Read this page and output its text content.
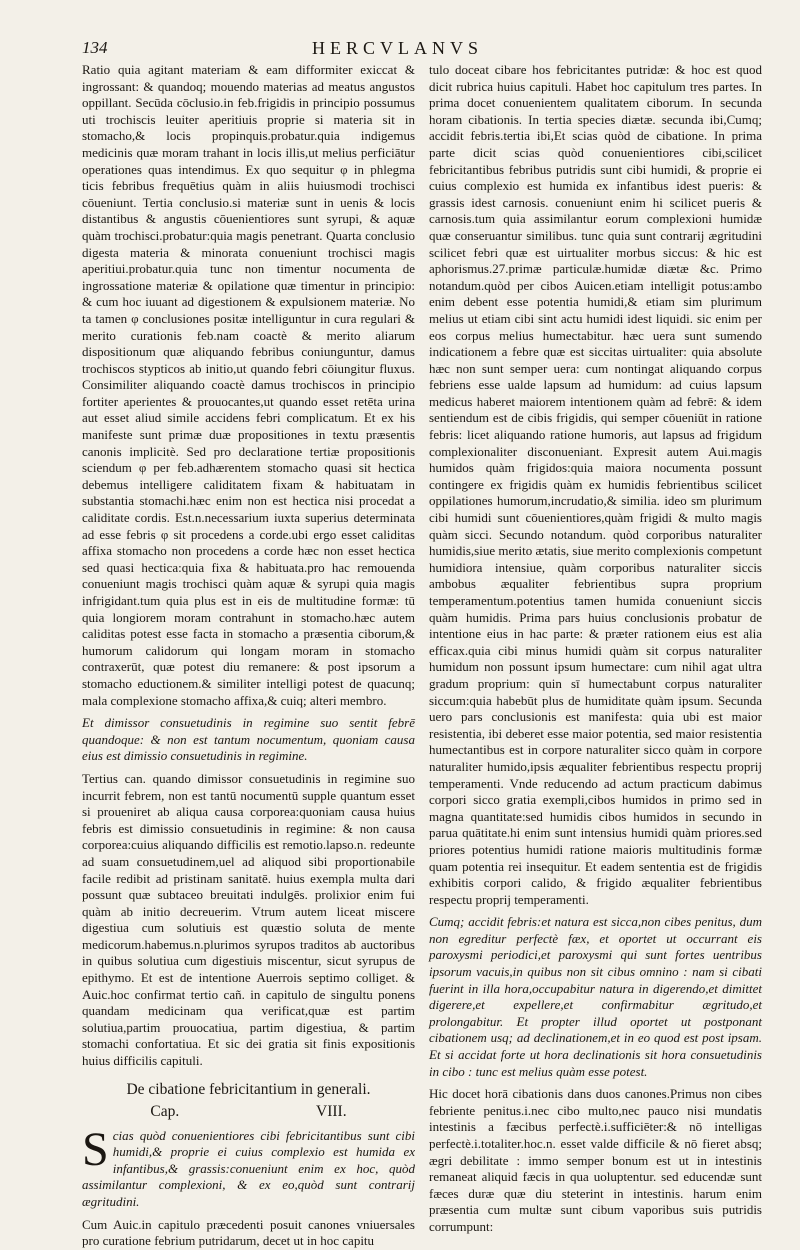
134	HERCVLANVS

Ratio quia agitant materiam & eam difformiter exiccat & ingrossant: & quandoq; mouendo materias ad meatus angustos oppillant. Secūda cōclusio.in feb.frigidis in principio possumus uti trochiscis leuiter aperitiuis proprie si materia sit in stomacho,& locis propinquis.probatur.quia indigemus medicinis quæ moram trahant in locis illis,ut melius perficiātur operationes quas intendimus. Ex quo sequitur φ in phlegma ticis febribus frequētius quàm in aliis huiusmodi trochisci cōueniunt. Tertia conclusio.si materiæ sunt in uenis & locis distantibus & angustis cōuenientiores sunt syrupi, & aquæ quàm trochisci.probatur:quia magis penetrant. Quarta conclusio digesta materia & minorata conueniunt trochisci magis aperitiui.probatur.quia tunc non timentur nocumenta de ingrossatione materiæ & opilatione quæ timentur in principio: & cum hoc iuuant ad digestionem & expulsionem materiæ. No ta tamen φ conclusiones positæ intelliguntur in cura regulari & merito curationis feb.nam coactè & merito aliarum dispositionum quæ aliquando febribus coniunguntur, damus trochiscos stypticos ab initio,ut quando febri cōiungitur fluxus. Consimiliter aliquando coactè damus trochiscos in principio fortiter aperientes & prouocantes,ut quando esset retēta urina aut esset aliud simile accidens febri complicatum. Et ex his manifeste sunt primæ duæ propositiones in textu præsentis canonis implicitè. Sed pro declaratione tertiæ propositionis sciendum φ per feb.adhærentem stomacho quasi sit hectica debemus intelligere caliditatem fixam & habituatam in substantia stomachi.hæc enim non est hectica nisi procedat a caliditate cordis. Est.n.necessarium iuxta superius determinata ad esse febris φ sit procedens a corde.ubi ergo esset caliditas affixa stomacho non procedens a corde hæc non esset hectica sed quasi hectica:quia fixa & habituata.pro hac remouenda conueniunt magis trochisci quàm aquæ & syrupi quia magis infrigidant.tum quia plus est in eis de multitudine formæ: tū quia longiorem moram contrahunt in stomacho.hæc autem caliditas potest esse facta in stomacho a præsentia ciborum,& humorum calidorum qui longam moram in stomacho contraxerūt, quæ potest diu remanere: & post ipsorum a stomacho eductionem.& similiter intelligi potest de quacunq; mala complexione stomacho affixa,& cuiq; alteri membro.

Et dimissor consuetudinis in regimine suo sentit febrē quandoque: & non est tantum nocumentum, quoniam causa eius est dimissio consuetudinis in regimine.

Tertius can. quando dimissor consuetudinis in regimine suo incurrit febrem, non est tantū nocumentū supple quantum esset si proueniret ab aliqua causa corporea:quoniam causa huius febris est dimissio consuetudinis in regimine: & non causa corporea:cuius aliquando difficilis est remotio.lapso.n. redeunte ad suam consuetudinem,uel ad aliquod sibi proportionabile facile redibit ad pristinam sanitatē. huius exempla multa dari possunt quæ subtaceo breuitati indulgēs. prolixior enim fui quàm ab initio decreuerim. Vtrum autem liceat miscere digestiua cum solutiuis est quæstio soluta de mente medicorum.habemus.n.plurimos syrupos traditos ab auctoribus in quibus solutiua cum digestiuis miscentur, sicut syrupus de epithymo. Et est de intentione Auerrois septimo colliget. & Auic.hoc confirmat tertio cañ. in capitulo de singultu ponens quandam medicinam qua verificat,quæ est partim solutiua,partim prouocatiua, partim digestiua, & partim stomachi confortatiua. Et sic dei gratia sit finis expositionis huius difficilis capituli.

De cibatione febricitantium in generali.
Cap.	VIII.

Scias quòd conuenientiores cibi febricitantibus sunt cibi humidi,& proprie ei cuius complexio est humida ex infantibus,& grassis:conueniunt enim ex hoc, quòd assimilantur complexioni, & ex eo,quòd sunt contrarij ægritudini.

Cum Auic.in capitulo præcedenti posuit canones vniuersales pro curatione febrium putridarum, decet ut in hoc capitu

tulo doceat cibare hos febricitantes putridæ: & hoc est quod dicit rubrica huius capituli. Habet hoc capitulum tres partes. In prima docet conuenientem qualitatem ciborum. In secunda horam cibationis. In tertia species diætæ. secunda ibi,Cumq; accidit febris.tertia ibi,Et scias quòd de cibatione. In prima parte dicit scias quòd conuenientiores cibi,scilicet febricitantibus febribus putridis sunt cibi humidi, & proprie ei cuius complexio est humida ex infantibus idest pueris: & grassis idest carnosis. conueniunt enim hi scilicet pueris & carnosis.tum quia assimilantur eorum complexioni humidæ quæ conseruantur similibus. tunc quia sunt contrarij ægritudini scilicet febri quæ est uirtualiter morbus siccus: & hic est aphorismus.27.primæ particulæ.humidæ diætæ &c. Primo notandum.quòd per cibos Auicen.etiam intelligit potus:ambo enim debent esse potentia humidi,& etiam sim plurimum melius ut etiam cibi sint actu humidi idest liquidi. sic enim per eos corpus melius humectabitur. hæc uera sunt sumendo indicationem a febre quæ est siccitas uirtualiter: quia absolute hæc non sunt semper uera: cum nontingat aliquando corpus febriens esse ualde lapsum ad humidum: ad cuius lapsum medicus haberet maiorem intentionem quàm ad febrē: & idem sentiendum est de cibis frigidis, qui semper cōueniūt in ratione febris: licet aliquando ratione humoris, aut lapsus ad frigidum complexionaliter disconueniant. Expresit autem Aui.magis humidos quàm frigidos:quia maiora nocumenta possunt contingere ex frigidis quàm ex humidis febrientibus scilicet oppilationes humorum,incrudatio,& similia. ideo sm plurimum cibi humidi sunt cōuenientiores,quàm frigidi & multo magis quàm sicci. Secundo notandum. quòd corporibus naturaliter humidis,siue merito ætatis, siue merito complexionis competunt humidiora intensiue, quàm corporibus naturaliter siccis ambobus æqualiter febrientibus supra proprium temperamentum.potentius tamen humida conueniunt siccis quàm humidis. Prima pars huius conclusionis probatur de intentione eius in hac parte: & præter rationem eius est alia efficax.quia cibi minus humidi quàm sit corpus naturaliter humidum non possunt ipsum humectare: cum nihil agat ultra gradum proprium: quin sī humectabunt corpus naturaliter siccum:quia habebūt plus de humiditate quàm ipsum. Secunda uero pars conclusionis est manifesta: quia ubi est maior resistentia, ibi deberet esse maior potentia, sed maior resistentia humectantibus est in corpore naturaliter sicco quàm in corpore naturaliter humido,ipsis æqualiter febrientibus respectu proprij temperamenti. Vnde reducendo ad actum practicum dabimus corpori sicco gratia exempli,cibos humidos in primo sed in magna quantitate:sed humidis cibos humidos in secundo in parua quātitate.hi enim sunt intensius humidi quàm priores.sed priores potentius humidi ratione maioris multitudinis formæ quam potentia rei insequitur. Et eadem sententia est de frigidis exhibitis corpori calido, & frigido æqualiter febrientibus respectu proprij temperamenti.

Cumq; accidit febris:et natura est sicca,non cibes penitus, dum non egreditur perfectè fæx, et oportet ut occurrant eis paroxysmi periodici,et paroxysmi qui sunt fortes uentribus ipsorum vacuis,in quibus non sit cibus omnino : nam si cibati fuerint in illa hora,occupabitur natura in digerendo,et dimittet digerere,et expellere,et confirmabitur ægritudo,et prolongabitur. Et propter illud oportet ut postponant cibationem usq; ad declinationem,et in eo quod est post ipsam. Et si accidat forte ut hora declinationis sit hora consuetudinis in cibo : tunc est melius quàm esse potest.

Hic docet horā cibationis dans duos canones.Primus non cibes febriente penitus.i.nec cibo multo,nec pauco nisi mundatis intestinis a fæcibus perfectè.i.sufficiēter:& nō intelligas perfectè.i.totaliter.hoc.n. esset valde difficile & nō fieret absq; ægri debilitate : immo semper bonum est ut in intestinis remaneat aliquid fæcis in qua uoluptentur. sed educendæ sunt fæces duræ quæ diu steterint in intestinis. harum enim præsentia cum multæ sunt cibum vaporibus suis putridis corrumpunt:
